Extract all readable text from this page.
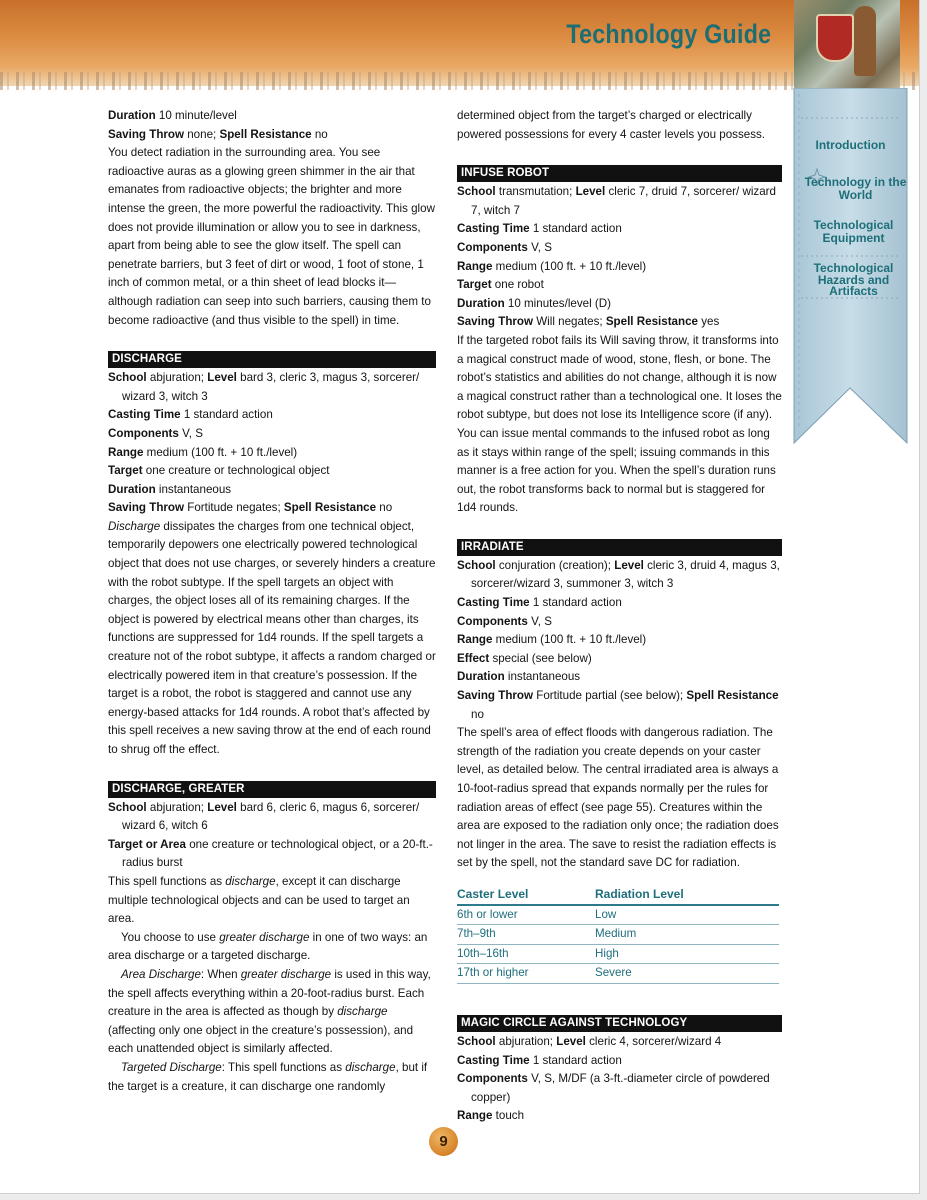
Technology Guide
Introduction
Technology in the World
Technological Equipment
Technological Hazards and Artifacts

Duration 10 minute/level

Saving Throw none; Spell Resistance no

You detect radiation in the surrounding area. You see radioactive auras as a glowing green shimmer in the air that emanates from radioactive objects; the brighter and more intense the green, the more powerful the radioactivity. This glow does not provide illumination or allow you to see in darkness, apart from being able to see the glow itself. The spell can penetrate barriers, but 3 feet of dirt or wood, 1 foot of stone, 1 inch of common metal, or a thin sheet of lead blocks it—although radiation can seep into such barriers, causing them to become radioactive (and thus visible to the spell) in time.

DISCHARGE

School abjuration; Level bard 3, cleric 3, magus 3, sorcerer/ wizard 3, witch 3

Casting Time 1 standard action

Components V, S

Range medium (100 ft. + 10 ft./level)

Target one creature or technological object

Duration instantaneous

Saving Throw Fortitude negates; Spell Resistance no

Discharge dissipates the charges from one technical object, temporarily depowers one electrically powered technological object that does not use charges, or severely hinders a creature with the robot subtype. If the spell targets an object with charges, the object loses all of its remaining charges. If the object is powered by electrical means other than charges, its functions are suppressed for 1d4 rounds. If the spell targets a creature not of the robot subtype, it affects a random charged or electrically powered item in that creature’s possession. If the target is a robot, the robot is staggered and cannot use any energy-based attacks for 1d4 rounds. A robot that’s affected by this spell receives a new saving throw at the end of each round to shrug off the effect.

DISCHARGE, GREATER

School abjuration; Level bard 6, cleric 6, magus 6, sorcerer/ wizard 6, witch 6

Target or Area one creature or technological object, or a 20-ft.-radius burst

This spell functions as discharge, except it can discharge multiple technological objects and can be used to target an area.

You choose to use greater discharge in one of two ways: an area discharge or a targeted discharge.

Area Discharge: When greater discharge is used in this way, the spell affects everything within a 20-foot-radius burst. Each creature in the area is affected as though by discharge (affecting only one object in the creature’s possession), and each unattended object is similarly affected.

Targeted Discharge: This spell functions as discharge, but if the target is a creature, it can discharge one randomly

determined object from the target’s charged or electrically powered possessions for every 4 caster levels you possess.

INFUSE ROBOT

School transmutation; Level cleric 7, druid 7, sorcerer/ wizard 7, witch 7

Casting Time 1 standard action

Components V, S

Range medium (100 ft. + 10 ft./level)

Target one robot

Duration 10 minutes/level (D)

Saving Throw Will negates; Spell Resistance yes

If the targeted robot fails its Will saving throw, it transforms into a magical construct made of wood, stone, flesh, or bone. The robot’s statistics and abilities do not change, although it is now a magical construct rather than a technological one. It loses the robot subtype, but does not lose its Intelligence score (if any). You can issue mental commands to the infused robot as long as it stays within range of the spell; issuing commands in this manner is a free action for you. When the spell’s duration runs out, the robot transforms back to normal but is staggered for 1d4 rounds.

IRRADIATE

School conjuration (creation); Level cleric 3, druid 4, magus 3, sorcerer/wizard 3, summoner 3, witch 3

Casting Time 1 standard action

Components V, S

Range medium (100 ft. + 10 ft./level)

Effect special (see below)

Duration instantaneous

Saving Throw Fortitude partial (see below); Spell Resistance no

The spell’s area of effect floods with dangerous radiation. The strength of the radiation you create depends on your caster level, as detailed below. The central irradiated area is always a 10-foot-radius spread that expands normally per the rules for radiation areas of effect (see page 55). Creatures within the area are exposed to the radiation only once; the radiation does not linger in the area. The save to resist the radiation effects is set by the spell, not the standard save DC for radiation.

Caster Level	Radiation Level
6th or lower	Low
7th–9th	Medium
10th–16th	High
17th or higher	Severe
MAGIC CIRCLE AGAINST TECHNOLOGY

School abjuration; Level cleric 4, sorcerer/wizard 4

Casting Time 1 standard action

Components V, S, M/DF (a 3-ft.-diameter circle of powdered copper)

Range touch

9
